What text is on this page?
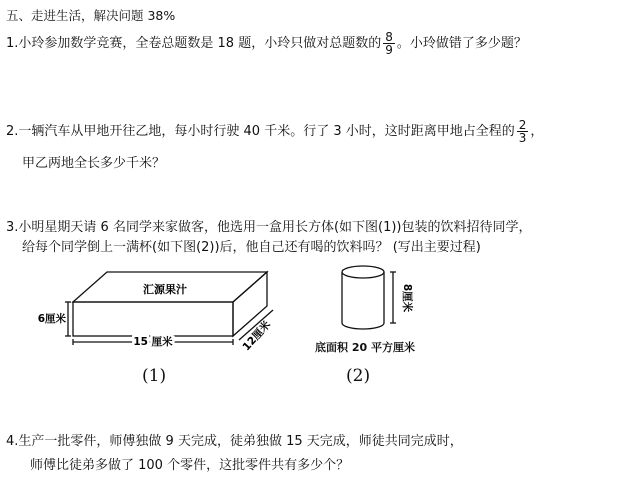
五、走进生活，解决问题 38%
1.小玲参加数学竞赛，全卷总题数是 18 题，小玲只做对总题数的 $\frac{8}{9}$ 。小玲做错了多少题？
2.一辆汽车从甲地开往乙地，每小时行驶 40 千米。行了 3 小时，这时距离甲地占全程的 $\frac{2}{3}$ ，
甲乙两地全长多少千米？
3.小明星期天请 6 名同学来家做客，他选用一盒用长方体(如下图(1))包装的饮料招待同学，
给每个同学倒上一满杯(如下图(2))后，他自己还有喝的饮料吗？ (写出主要过程)
汇源果汁
6厘米
15 厘米	12厘米
(1)
8厘米
底面积 20 平方厘米
(2)
4.生产一批零件，师傅独做 9 天完成，徒弟独做 15 天完成，师徒共同完成时，
师傅比徒弟多做了 100 个零件，这批零件共有多少个？
